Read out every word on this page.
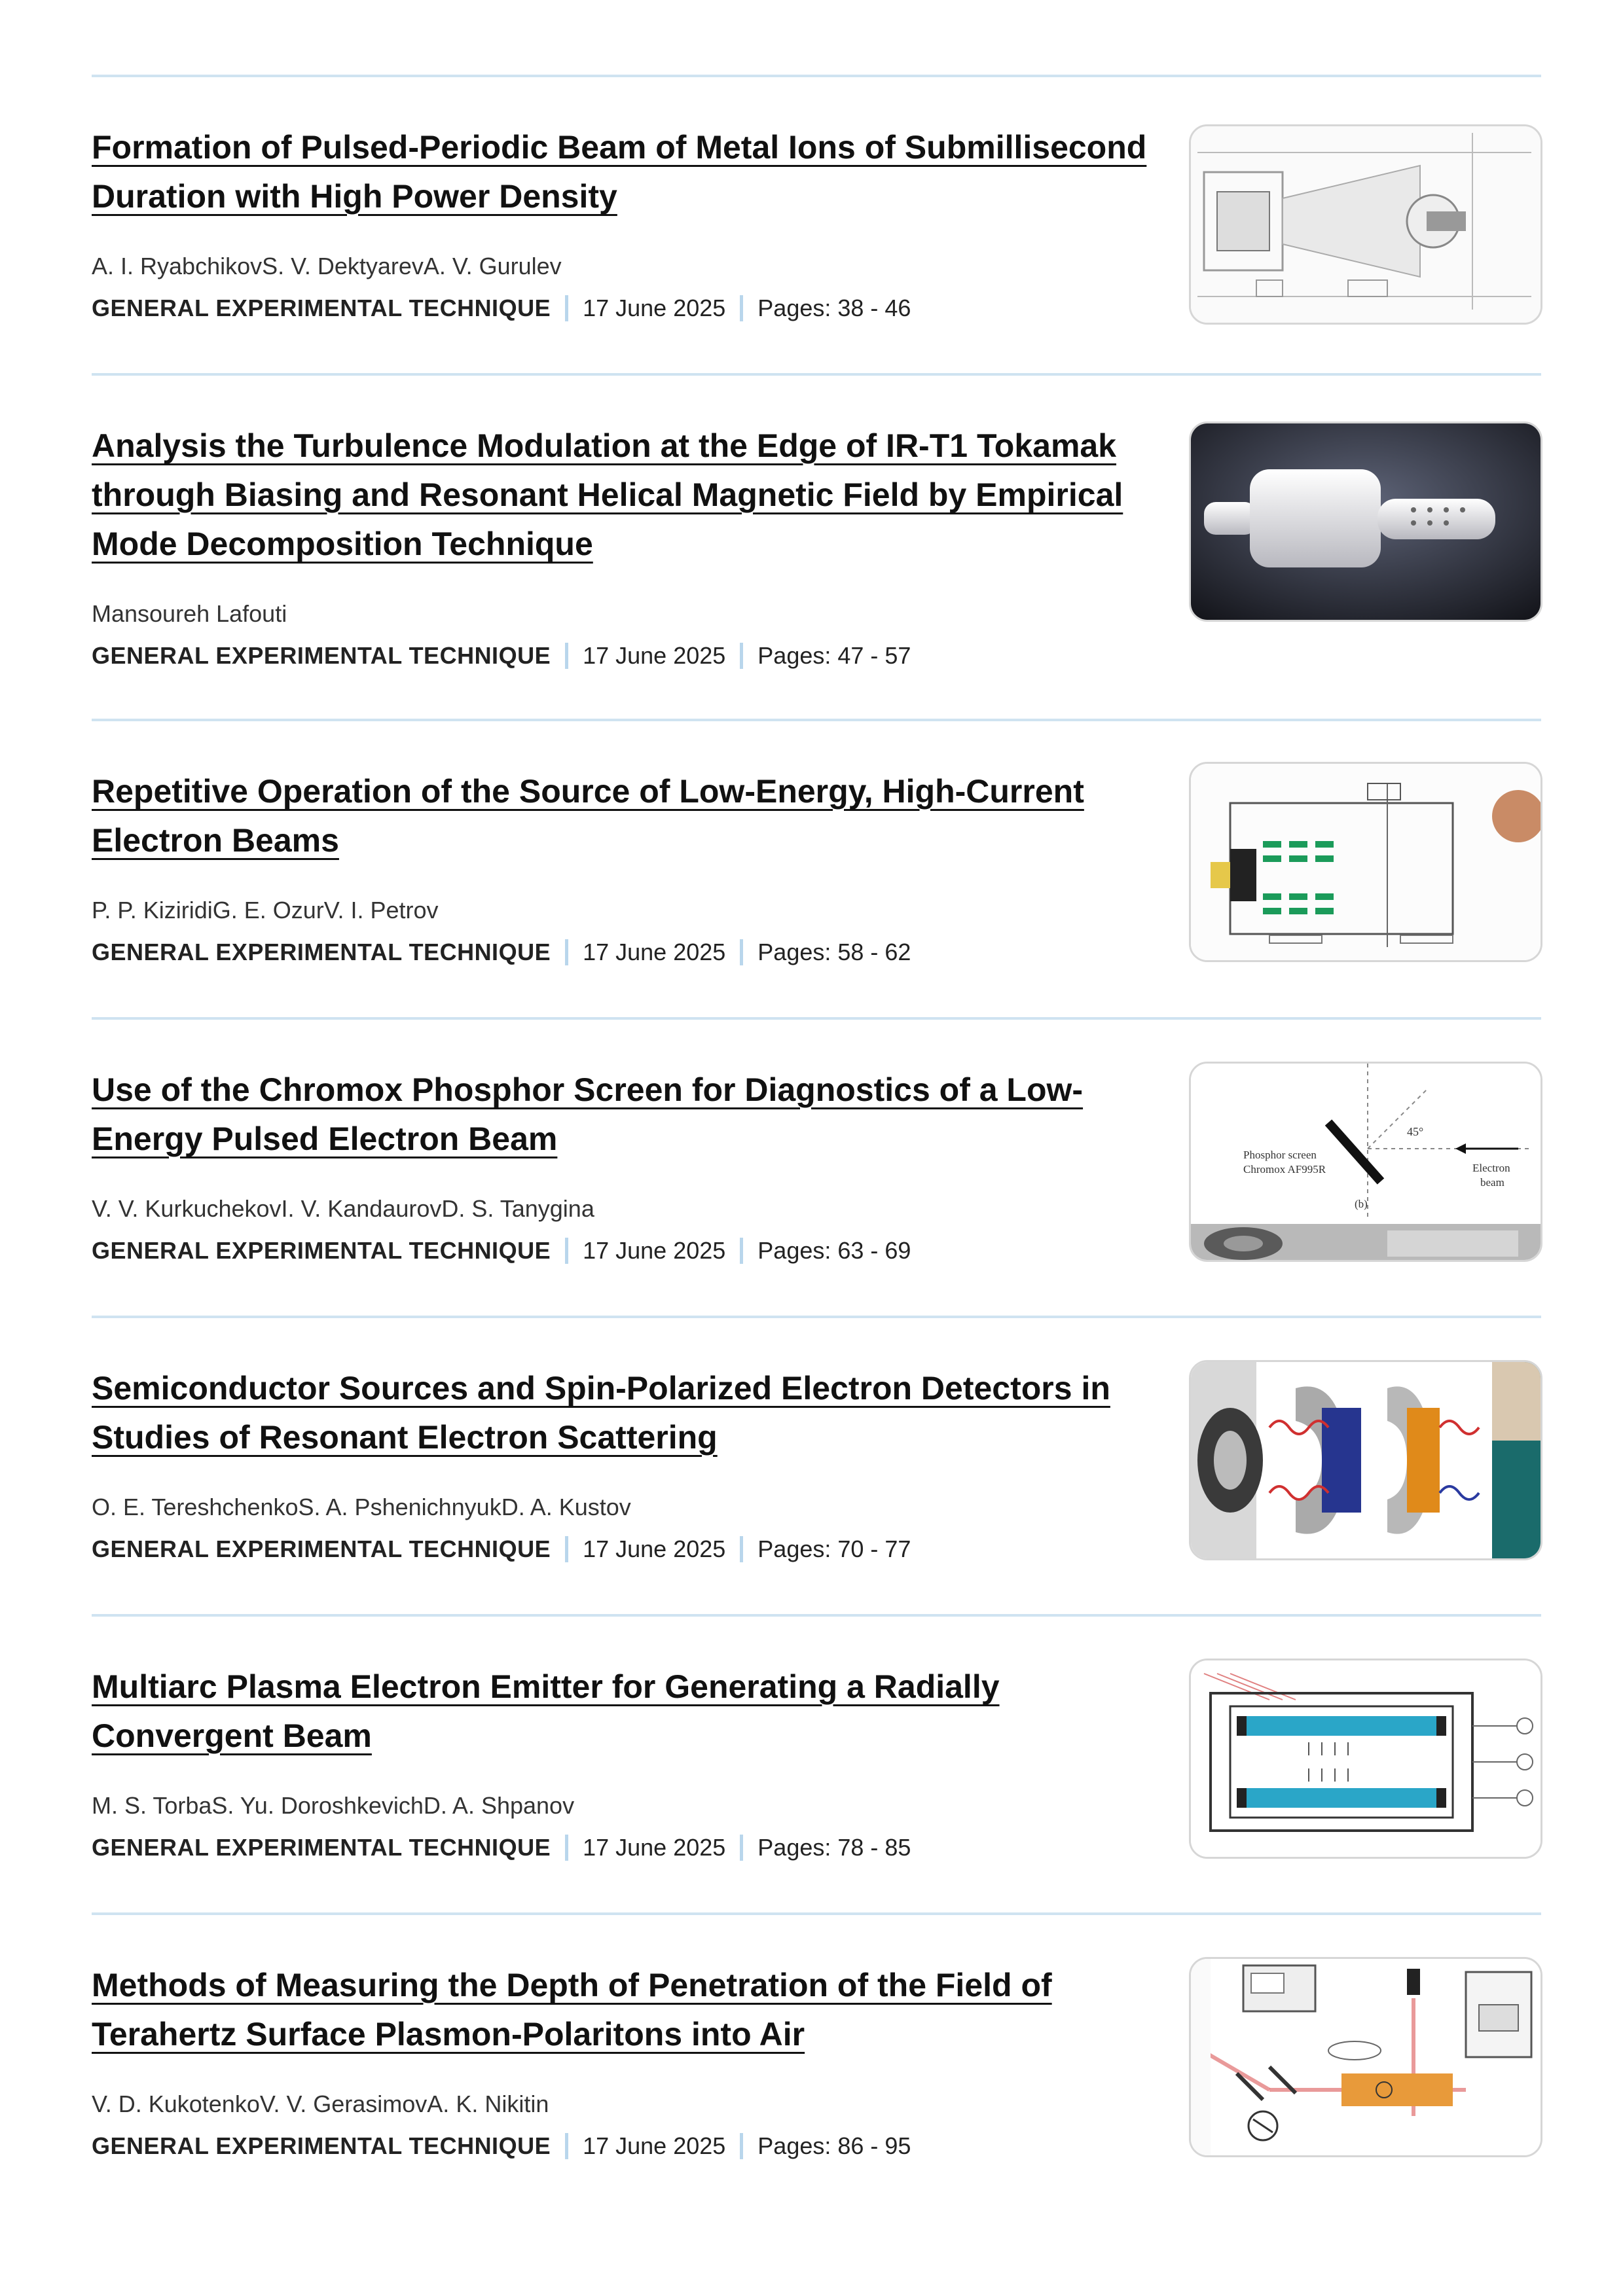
Formation of Pulsed-Periodic Beam of Metal Ions of Submillisecond Duration with High Power Density
A. I. RyabchikovS. V. DektyarevA. V. Gurulev
GENERAL EXPERIMENTAL TECHNIQUE 17 June 2025 Pages: 38 - 46
Analysis the Turbulence Modulation at the Edge of IR-T1 Tokamak through Biasing and Resonant Helical Magnetic Field by Empirical Mode Decomposition Technique
Mansoureh Lafouti
GENERAL EXPERIMENTAL TECHNIQUE 17 June 2025 Pages: 47 - 57
Repetitive Operation of the Source of Low-Energy, High-Current Electron Beams
P. P. KiziridiG. E. OzurV. I. Petrov
GENERAL EXPERIMENTAL TECHNIQUE 17 June 2025 Pages: 58 - 62
Use of the Chromox Phosphor Screen for Diagnostics of a Low-Energy Pulsed Electron Beam
V. V. KurkuchekovI. V. KandaurovD. S. Tanygina
GENERAL EXPERIMENTAL TECHNIQUE 17 June 2025 Pages: 63 - 69
45°
Phosphor screen
Chromox AF995R	Electron
beam
(b)
Semiconductor Sources and Spin-Polarized Electron Detectors in Studies of Resonant Electron Scattering
O. E. TereshchenkoS. A. PshenichnyukD. A. Kustov
GENERAL EXPERIMENTAL TECHNIQUE 17 June 2025 Pages: 70 - 77
Multiarc Plasma Electron Emitter for Generating a Radially Convergent Beam
M. S. TorbaS. Yu. DoroshkevichD. A. Shpanov
GENERAL EXPERIMENTAL TECHNIQUE 17 June 2025 Pages: 78 - 85
Methods of Measuring the Depth of Penetration of the Field of Terahertz Surface Plasmon-Polaritons into Air
V. D. KukotenkoV. V. GerasimovA. K. Nikitin
GENERAL EXPERIMENTAL TECHNIQUE 17 June 2025 Pages: 86 - 95
